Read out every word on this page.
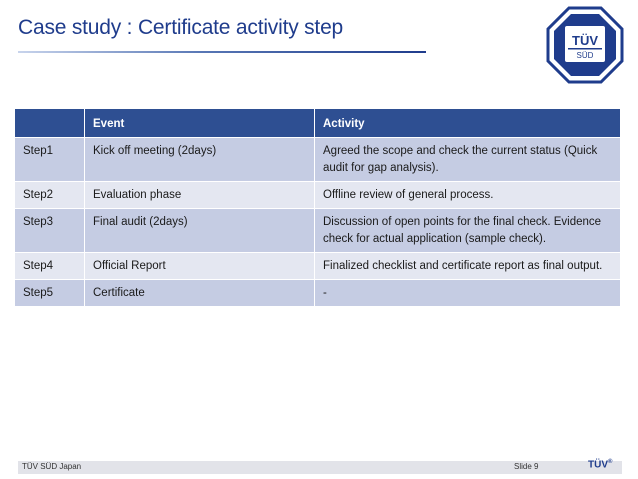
Case study : Certificate activity step
TÜV
SÜD
	Event	Activity
Step1	Kick off meeting (2days)	Agreed the scope and check the current status (Quick audit for gap analysis).
Step2	Evaluation phase	Offline review of general process.
Step3	Final audit (2days)	Discussion of open points for the final check. Evidence check for actual application (sample check).
Step4	Official Report	Finalized checklist and certificate report as final output.
Step5	Certificate	-
TÜV SÜD Japan	Slide 9	TÜV®
